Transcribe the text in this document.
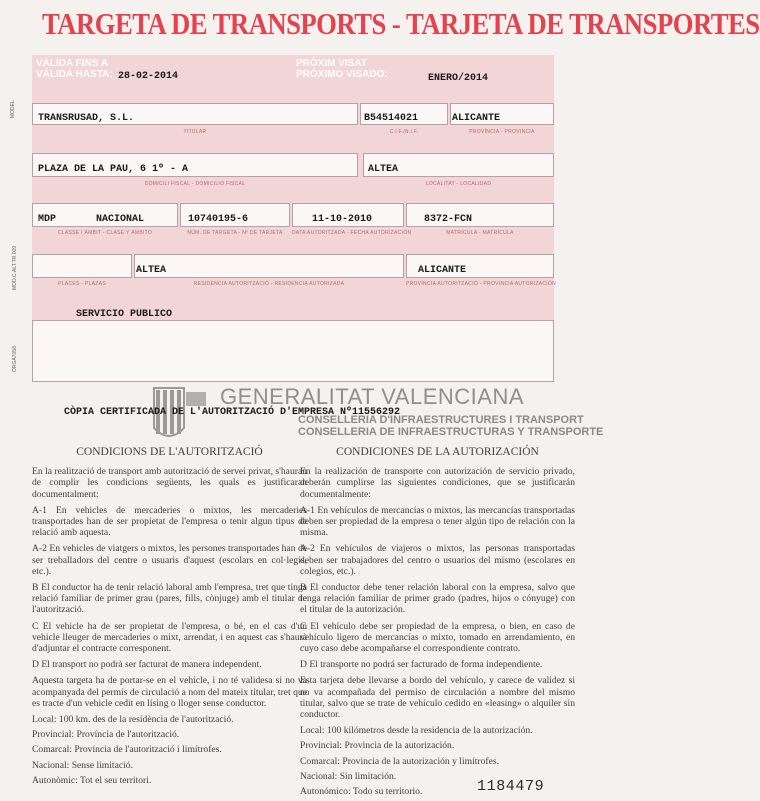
TARGETA DE TRANSPORTS - TARJETA DE TRANSPORTES
VÀLIDA FINS A
VÁLIDA HASTA: 28-02-2014
PRÒXIM VISAT
PRÓXIMO VISADO:	ENERO/2014
TRANSRUSAD, S.L.
TITULAR
B54514021
C.I.F./N.I.F.
ALICANTE
PROVÍNCIA - PROVINCIA
PLAZA DE LA PAU, 6 1º - A
DOMICILI FISCAL - DOMICILIO FISCAL
ALTEA
LOCALITAT - LOCALIDAD
MDP	NACIONAL
CLASSE I ÀMBIT - CLASE Y ÁMBITO
10740195-6
NÚM. DE TARGETA - Nº DE TARJETA
11-10-2010
DATA AUTORITZADA - FECHA AUTORIZACIÓN
8372-FCN
MATRÍCULA - MATRÍCULA
PLACES - PLAZAS
ALTEA
RESIDÈNCIA AUTORITZACIÓ - RESIDENCIA AUTORIZADA
ALICANTE
PROVÍNCIA AUTORITZACIÓ - PROVINCIA AUTORIZACIÓN
SERVICIO PUBLICO
MODEL
MOD.C.ALT.TR.009
ORGA7058
GENERALITAT VALENCIANA
CONSELLERIA D'INFRAESTRUCTURES I TRANSPORT
CONSELLERIA DE INFRAESTRUCTURAS Y TRANSPORTE
CÒPIA CERTIFICADA DE L'AUTORITZACIÓ D'EMPRESA Nº11556292
CONDICIONS DE L'AUTORITZACIÓ

En la realització de transport amb autorització de servei privat, s'hauran de complir les condicions següents, les quals es justificaran documentalment:

A-1 En vehicles de mercaderies o mixtos, les mercaderies transportades han de ser propietat de l'empresa o tenir algun tipus de relació amb aquesta.

A-2 En vehicles de viatgers o mixtos, les persones transportades han de ser treballadors del centre o usuaris d'aquest (escolars en col·legis, etc.).

B El conductor ha de tenir relació laboral amb l'empresa, tret que tinga relació familiar de primer grau (pares, fills, cònjuge) amb el titular de l'autorització.

C El vehicle ha de ser propietat de l'empresa, o bé, en el cas d'un vehicle lleuger de mercaderies o mixt, arrendat, i en aquest cas s'haurà d'adjuntar el contracte corresponent.

D El transport no podrà ser facturat de manera independent.

Aquesta targeta ha de portar-se en el vehicle, i no té validesa si no va acompanyada del permís de circulació a nom del mateix titular, tret que es tracte d'un vehicle cedit en lísing o lloger sense conductor.

Local: 100 km. des de la residència de l'autorització.

Provincial: Província de l'autorització.

Comarcal: Província de l'autorització i limítrofes.

Nacional: Sense limitació.

Autonòmic: Tot el seu territori.

CONDICIONES DE LA AUTORIZACIÓN

En la realización de transporte con autorización de servicio privado, deberán cumplirse las siguientes condiciones, que se justificarán documentalmente:

A-1 En vehículos de mercancías o mixtos, las mercancías transportadas deben ser propiedad de la empresa o tener algún tipo de relación con la misma.

A-2 En vehículos de viajeros o mixtos, las personas transportadas deben ser trabajadores del centro o usuarios del mismo (escolares en colegios, etc.).

B El conductor debe tener relación laboral con la empresa, salvo que tenga relación familiar de primer grado (padres, hijos o cónyuge) con el titular de la autorización.

C El vehículo debe ser propiedad de la empresa, o bien, en caso de vehículo ligero de mercancías o mixto, tomado en arrendamiento, en cuyo caso debe acompañarse el correspondiente contrato.

D El transporte no podrá ser facturado de forma independiente.

Esta tarjeta debe llevarse a bordo del vehículo, y carece de validez si no va acompañada del permiso de circulación a nombre del mismo titular, salvo que se trate de vehículo cedido en «leasing» o alquiler sin conductor.

Local: 100 kilómetros desde la residencia de la autorización.

Provincial: Provincia de la autorización.

Comarcal: Provincia de la autorización y limítrofes.

Nacional: Sin limitación.

Autonómico: Todo su territorio.	1184479
